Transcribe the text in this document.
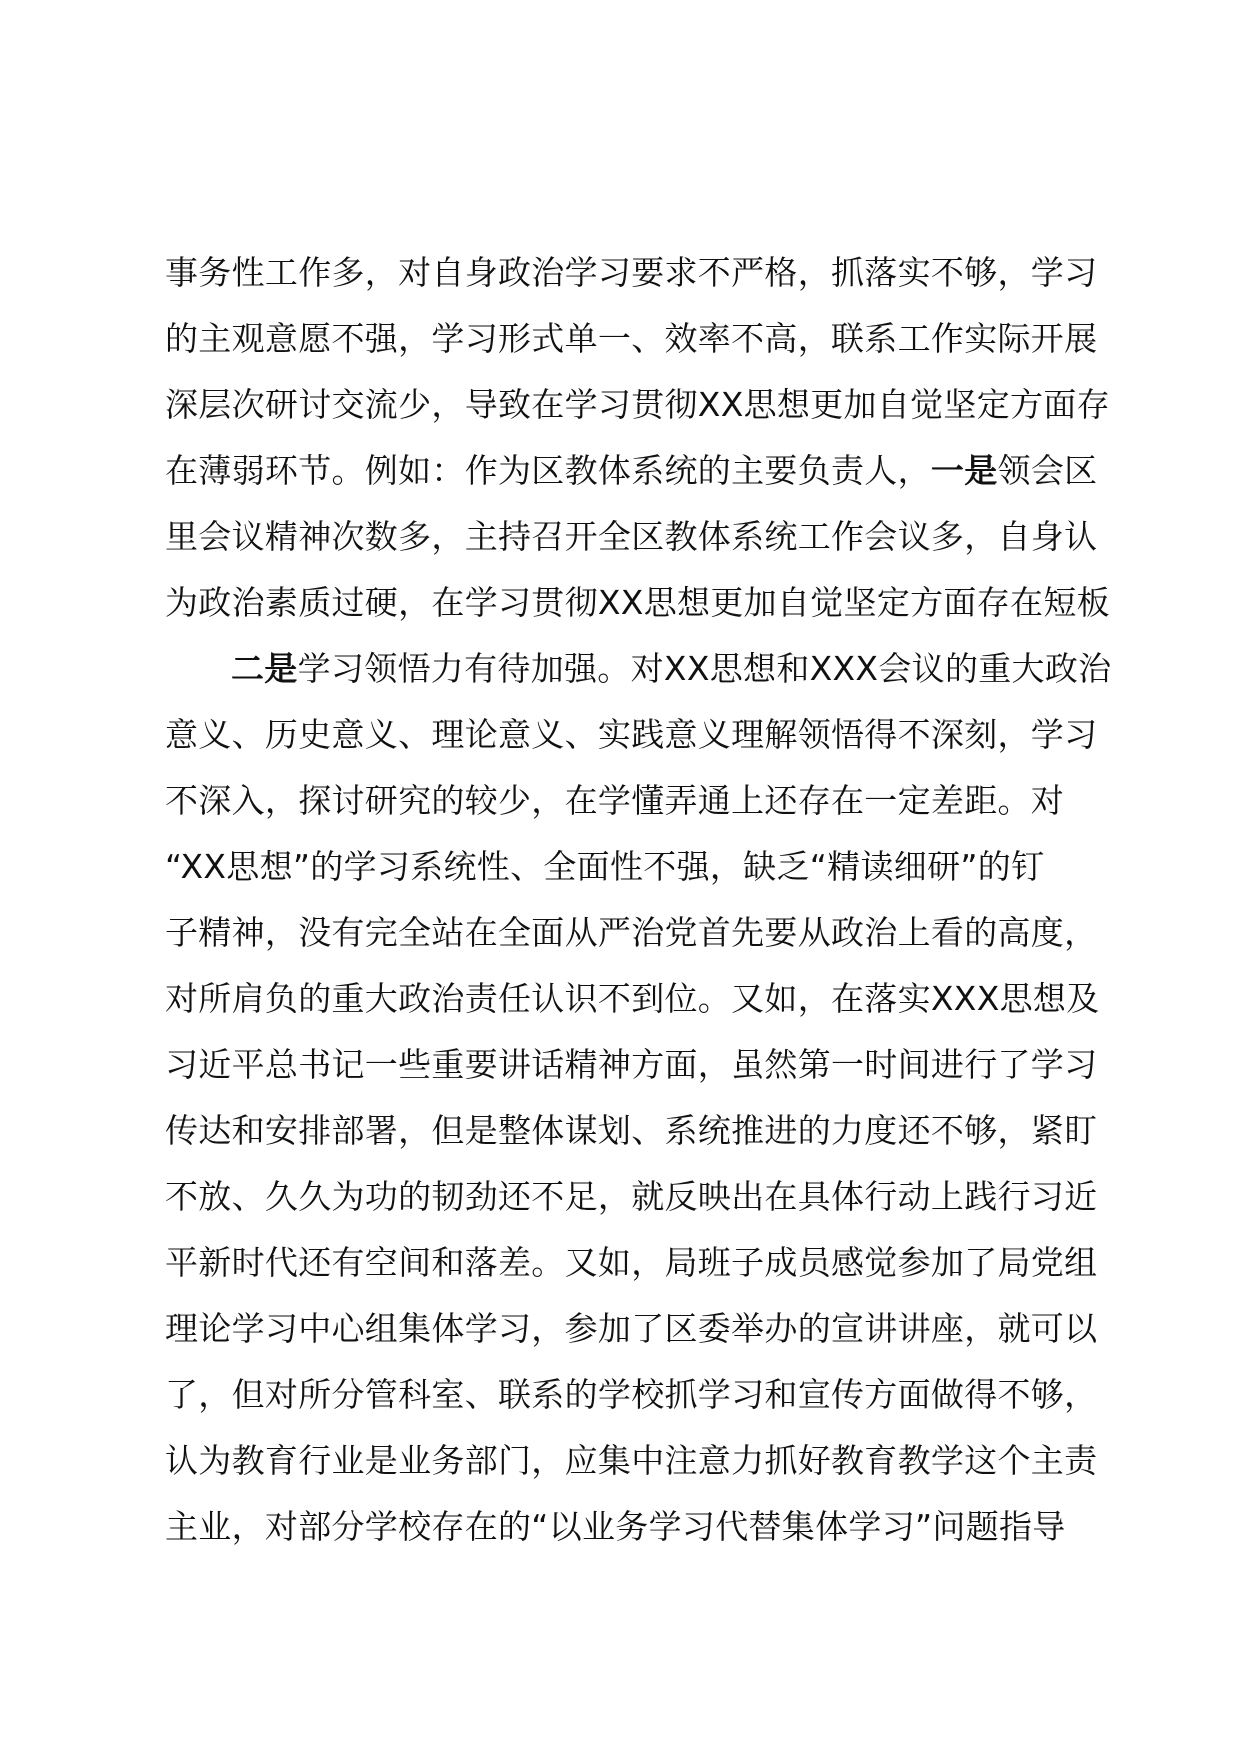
事务性工作多，对自身政治学习要求不严格，抓落实不够，学习
的主观意愿不强，学习形式单一、效率不高，联系工作实际开展
深层次研讨交流少，导致在学习贯彻XX思想更加自觉坚定方面存
在薄弱环节。例如：作为区教体系统的主要负责人，一是领会区
里会议精神次数多，主持召开全区教体系统工作会议多，自身认
为政治素质过硬，在学习贯彻XX思想更加自觉坚定方面存在短板
二是学习领悟力有待加强。对XX思想和XXX会议的重大政治
意义、历史意义、理论意义、实践意义理解领悟得不深刻，学习
不深入，探讨研究的较少，在学懂弄通上还存在一定差距。对
“XX思想”的学习系统性、全面性不强，缺乏“精读细研”的钉
子精神，没有完全站在全面从严治党首先要从政治上看的高度，
对所肩负的重大政治责任认识不到位。又如，在落实XXX思想及
习近平总书记一些重要讲话精神方面，虽然第一时间进行了学习
传达和安排部署，但是整体谋划、系统推进的力度还不够，紧盯
不放、久久为功的韧劲还不足，就反映出在具体行动上践行习近
平新时代还有空间和落差。又如，局班子成员感觉参加了局党组
理论学习中心组集体学习，参加了区委举办的宣讲讲座，就可以
了，但对所分管科室、联系的学校抓学习和宣传方面做得不够，
认为教育行业是业务部门，应集中注意力抓好教育教学这个主责
主业，对部分学校存在的“以业务学习代替集体学习”问题指导
